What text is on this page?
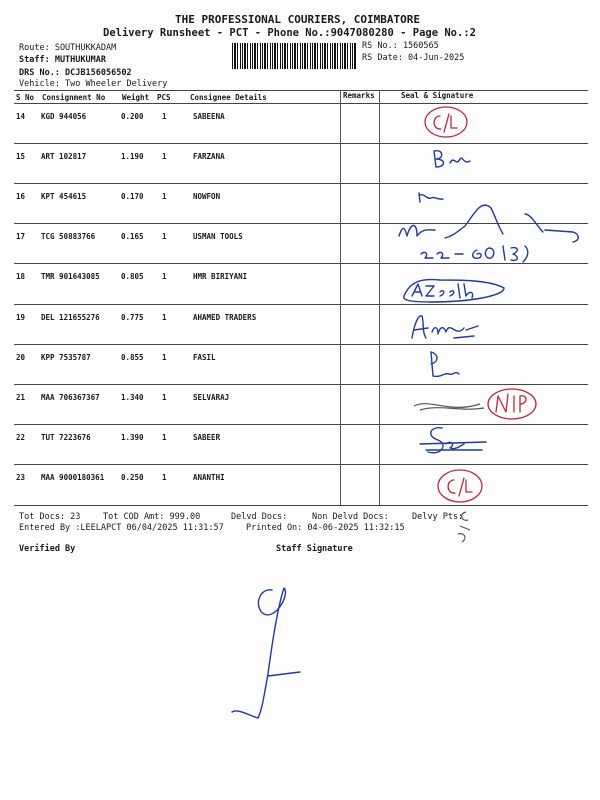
THE PROFESSIONAL COURIERS, COIMBATORE
Delivery Runsheet - PCT - Phone No.:9047080280 - Page No.:2
Route: SOUTHUKKADAM
Staff: MUTHUKUMAR
DRS No.: DCJB156056502
Vehicle: Two Wheeler Delivery
RS No.: 1560565
RS Date: 04-Jun-2025
S No Consignment No Weight PCS	Consignee Details	Remarks	Seal & Signature
14 KGD 944056	0.200 1	SABEENA
15 ART 102817	1.190 1	FARZANA
16 KPT 454615	0.170 1	NOWFON
17 TCG 50883766	0.165 1	USMAN TOOLS
18 TMR 901643085	0.805 1	HMR BIRIYANI
19 DEL 121655276	0.775 1	AHAMED TRADERS
20 KPP 7535787	0.855 1	FASIL
21 MAA 706367367	1.340 1	SELVARAJ
22 TUT 7223676	1.390 1	SABEER
23 MAA 9000180361 0.250 1	ANANTHI
Tot Docs: 23	Tot COD Amt: 999.00	Delvd Docs:	Non Delvd Docs:	Delvy Pts:
Entered By :LEELAPCT 06/04/2025 11:31:57	Printed On: 04-06-2025 11:32:15
Verified By	Staff Signature
